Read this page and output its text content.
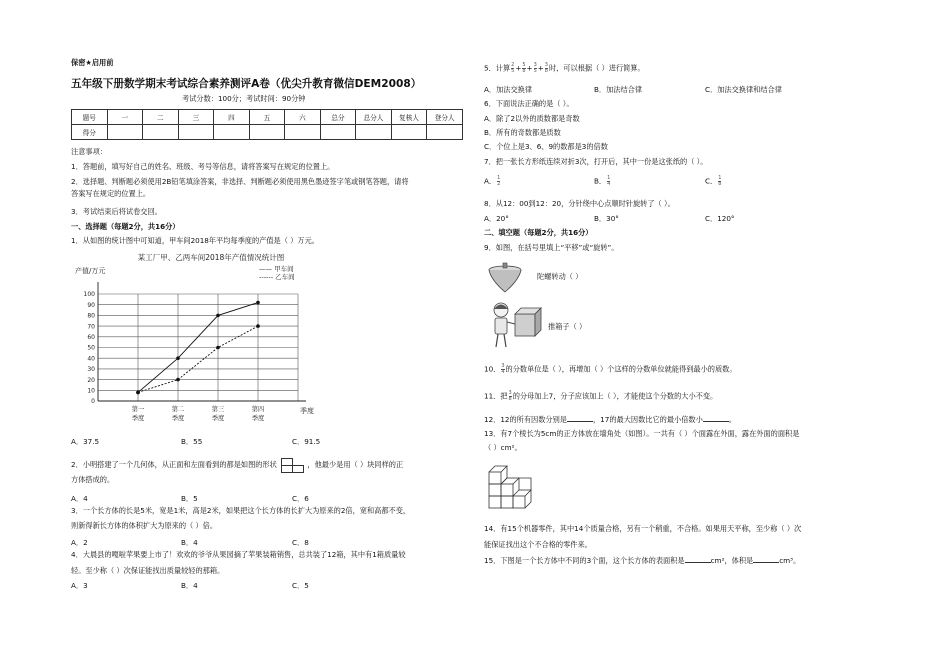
保密★启用前
五年级下册数学期末考试综合素养测评A卷（优尖升教育微信DEM2008）
考试分数：100分；考试时间：90分钟
题号	一	二	三	四	五	六	总分	总分人	复核人	登分人
得分										
注意事项：
1．答题前，填写好自己的姓名、班级、考号等信息，请将答案写在规定的位置上。
2．选择题、判断题必须使用2B铅笔填涂答案，非选择、判断题必须使用黑色墨迹签字笔或钢笔答题，请将
答案写在规定的位置上。
3．考试结束后将试卷交回。
一、选择题（每题2分，共16分）
1．从如图的统计图中可知道，甲车间2018年平均每季度的产值是（ ）万元。
某工厂甲、乙两车间2018年产值情况统计图
产值/万元
0
10
20
30
40
50
60
70
80
90
100
第一
季度
第二
季度
第三
季度
第四
季度
季度
—— 甲车间
------ 乙车间
A．37.5	B．55	C．91.5
2．小明搭建了一个几何体，从正面和左面看到的都是如图的形状	，他最少是用（ ）块同样的正
方体搭成的。
A．4	B．5	C．6
3．一个长方体的长是5米，宽是1米，高是2米，如果把这个长方体的长扩大为原来的2倍，宽和高都不变，
则新得新长方体的体积扩大为原来的（ ）倍。
A．2	B．4	C．8
4．大晨县的嘎啦苹果要上市了！欢欢的爷爷从果园摘了苹果装箱销售，总共装了12箱，其中有1箱质量较
轻。至少称（ ）次保证能找出质量较轻的那箱。
A．3	B．4	C．5
5．计算 $\frac{2}{5} + \frac{5}{8} + \frac{3}{5} + \frac{3}{8}$ 时，可以根据（ ）进行简算。
A．加法交换律	B．加法结合律	C．加法交换律和结合律
6．下面说法正确的是（ ）。
A．除了2以外的质数都是奇数
B．所有的奇数都是质数
C．个位上是3、6、9的数都是3的倍数
7．把一张长方形纸连续对折3次，打开后，其中一份是这张纸的（ ）。
A． $\frac{1}{2}$	B． $\frac{1}{4}$	C． $\frac{1}{8}$
8．从12：00到12：20，分针绕中心点顺时针旋转了（ ）。
A．20°	B．30°	C．120°
二、填空题（每题2分，共16分）
9．如图，在括号里填上“平移”或“旋转”。
陀螺转动（ ）
推箱子（ ）
10． $\frac{3}{4}$ 的分数单位是（ ），再增加（ ）个这样的分数单位就能得到最小的质数。
11．把 $\frac{3}{8}$ 的分母加上7，分子应该加上（ ），才能使这个分数的大小不变。
12．12的所有因数分别是	，17的最大因数比它的最小倍数小	。
13．有7个棱长为5cm的正方体放在墙角处（如图）。一共有（ ）个面露在外面，露在外面的面积是
（ ）cm²。
14．有15个机器零件，其中14个质量合格，另有一个稍重，不合格。如果用天平称，至少称（ ）次
能保证找出这个不合格的零件来。
15．下图是一个长方体中不同的3个面，这个长方体的表面积是	cm²，体积是	cm³。
